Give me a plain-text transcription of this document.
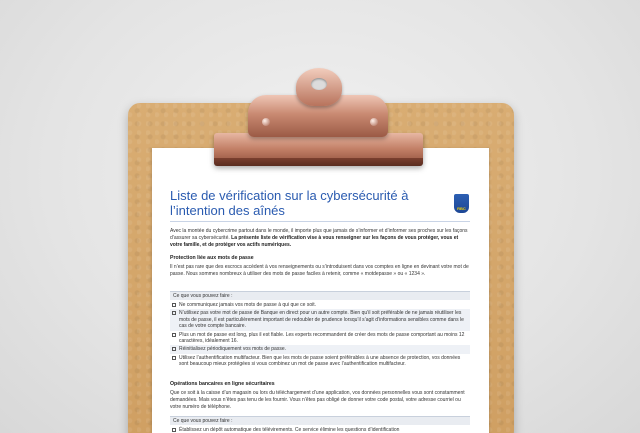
Liste de vérification sur la cybersécurité à l’intention des aînés	RBC
Avec la montée du cybercrime partout dans le monde, il importe plus que jamais de s’informer et d’informer ses proches sur les façons d’assurer sa cybersécurité. La présente liste de vérification vise à vous renseigner sur les façons de vous protéger, vous et votre famille, et de protéger vos actifs numériques.
Protection liée aux mots de passe
Il n’est pas rare que des escrocs accèdent à vos renseignements ou s’introduisent dans vos comptes en ligne en devinant votre mot de passe. Nous sommes nombreux à utiliser des mots de passe faciles à retenir, comme « motdepasse » ou « 1234 ».
Ce que vous pouvez faire :
Ne communiquez jamais vos mots de passe à qui que ce soit.
N’utilisez pas votre mot de passe de Banque en direct pour un autre compte. Bien qu’il soit préférable de ne jamais réutiliser les mots de passe, il est particulièrement important de redoubler de prudence lorsqu’il s’agit d’informations sensibles comme dans le cas de votre compte bancaire.
Plus un mot de passe est long, plus il est fiable. Les experts recommandent de créer des mots de passe comportant au moins 12 caractères, idéalement 16.
Réinitialisez périodiquement vos mots de passe.
Utilisez l’authentification multifacteur. Bien que les mots de passe soient préférables à une absence de protection, vos données sont beaucoup mieux protégées si vous combinez un mot de passe avec l’authentification multifacteur.
Opérations bancaires en ligne sécuritaires
Que ce soit à la caisse d’un magasin ou lors du téléchargement d’une application, vos données personnelles vous sont constamment demandées. Mais vous n’êtes pas tenu de les fournir. Vous n’êtes pas obligé de donner votre code postal, votre adresse courriel ou votre numéro de téléphone.
Ce que vous pouvez faire :
Établissez un dépôt automatique des télévirements. Ce service élimine les questions d’identification
